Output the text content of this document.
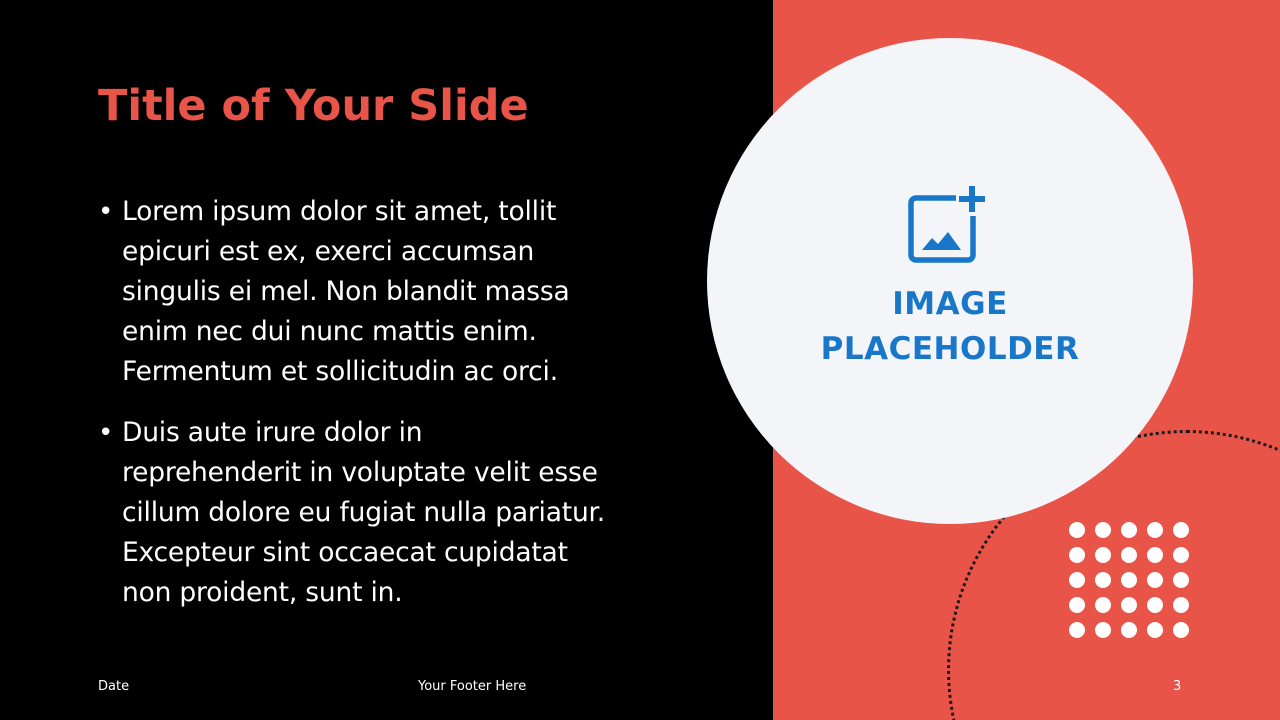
Title of Your Slide
• Lorem ipsum dolor sit amet, tollit
epicuri est ex, exerci accumsan
singulis ei mel. Non blandit massa
enim nec dui nunc mattis enim.
Fermentum et sollicitudin ac orci.
• Duis aute irure dolor in
reprehenderit in voluptate velit esse
cillum dolore eu fugiat nulla pariatur.
Excepteur sint occaecat cupidatat
non proident, sunt in.
IMAGE
PLACEHOLDER
Date	Your Footer Here	3
